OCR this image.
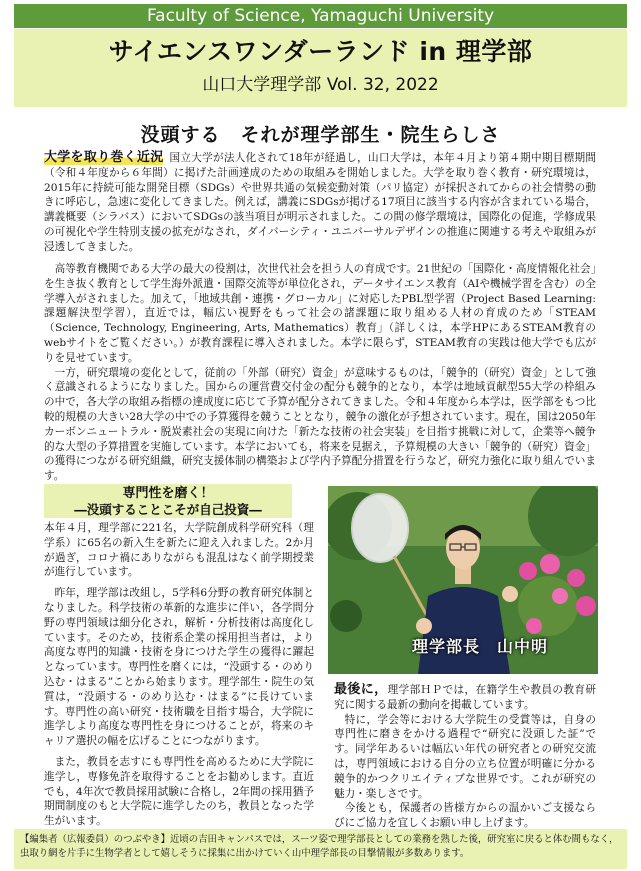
Faculty of Science, Yamaguchi University
サイエンスワンダーランド in 理学部
山口大学理学部 Vol. 32, 2022
没頭する　それが理学部生・院生らしさ

大学を取り巻く近況 国立大学が法人化されて18年が経過し，山口大学は，本年４月より第４期中期目標期間（令和４年度から６年間）に掲げた計画達成のための取組みを開始しました。大学を取り巻く教育・研究環境は，2015年に持続可能な開発目標（SDGs）や世界共通の気候変動対策（パリ協定）が採択されてからの社会情勢の動きに呼応し，急速に変化してきました。例えば，講義にSDGsが掲げる17項目に該当する内容が含まれている場合，講義概要（シラバス）においてSDGsの該当項目が明示されました。この間の修学環境は，国際化の促進，学修成果の可視化や学生特別支援の拡充がなされ，ダイバーシティ・ユニバーサルデザインの推進に関連する考えや取組みが浸透してきました。

高等教育機関である大学の最大の役割は，次世代社会を担う人の育成です。21世紀の「国際化・高度情報化社会」を生き抜く教育として学生海外派遣・国際交流等が単位化され，データサイエンス教育（AIや機械学習を含む）の全学導入がされました。加えて，「地域共創・連携・グローカル」に対応したPBL型学習（Project Based Learning: 課題解決型学習），直近では，幅広い視野をもって社会の諸課題に取り組める人材の育成のため「STEAM（Science, Technology, Engineering, Arts, Mathematics）教育」（詳しくは，本学HPにあるSTEAM教育のwebサイトをご覧ください。）が教育課程に導入されました。本学に限らず，STEAM教育の実践は他大学でも広がりを見せています。

一方，研究環境の変化として，従前の「外部（研究）資金」が意味するものは，「競争的（研究）資金」として強く意識されるようになりました。国からの運営費交付金の配分も競争的となり，本学は地域貢献型55大学の枠組みの中で，各大学の取組み指標の達成度に応じて予算が配分されてきました。令和４年度から本学は，医学部をもつ比較的規模の大きい28大学の中での予算獲得を競うこととなり，競争の激化が予想されています。現在，国は2050年カーボンニュートラル・脱炭素社会の実現に向けた「新たな技術の社会実装」を目指す挑戦に対して，企業等へ競争的な大型の予算措置を実施しています。本学においても，将来を見据え，予算規模の大きい「競争的（研究）資金」の獲得につながる研究組織，研究支援体制の構築および学内予算配分措置を行うなど，研究力強化に取り組んでいます。

専門性を磨く！
―没頭することこそが自己投資―

本年４月，理学部に221名，大学院創成科学研究科（理学系）に65名の新入生を新たに迎え入れました。2か月が過ぎ，コロナ禍にありながらも混乱はなく前学期授業が進行しています。

昨年，理学部は改組し，5学科6分野の教育研究体制となりました。科学技術の革新的な進歩に伴い，各学問分野の専門領域は細分化され，解析・分析技術は高度化しています。そのため，技術系企業の採用担当者は，より高度な専門的知識・技術を身につけた学生の獲得に躍起となっています。専門性を磨くには，“没頭する・のめり込む・はまる”ことから始まります。理学部生・院生の気質は，“没頭する・のめり込む・はまる”に長けています。専門性の高い研究・技術職を目指す場合，大学院に進学しより高度な専門性を身につけることが，将来のキャリア選択の幅を広げることにつながります。

また，教員を志すにも専門性を高めるために大学院に進学し，専修免許を取得することをお勧めします。直近でも，4年次で教員採用試験に合格し，2年間の採用猶予期間制度のもと大学院に進学したのち，教員となった学生がいます。

理学部長　山中明

最後に，理学部ＨＰでは，在籍学生や教員の教育研究に関する最新の動向を掲載しています。

特に，学会等における大学院生の受賞等は，自身の専門性に磨きをかける過程で“研究に没頭した証”です。同学年あるいは幅広い年代の研究者との研究交流は，専門領域における自分の立ち位置が明確に分かる競争的かつクリエイティブな世界です。これが研究の魅力・楽しさです。

今後とも，保護者の皆様方からの温かいご支援ならびにご協力を宜しくお願い申し上げます。

【編集者（広報委員）のつぶやき】近頃の吉田キャンパスでは，スーツ姿で理学部長としての業務を熟した後，研究室に戻ると体む間もなく，虫取り網を片手に生物学者として嬉しそうに採集に出かけていく山中理学部長の目撃情報が多数あります。
